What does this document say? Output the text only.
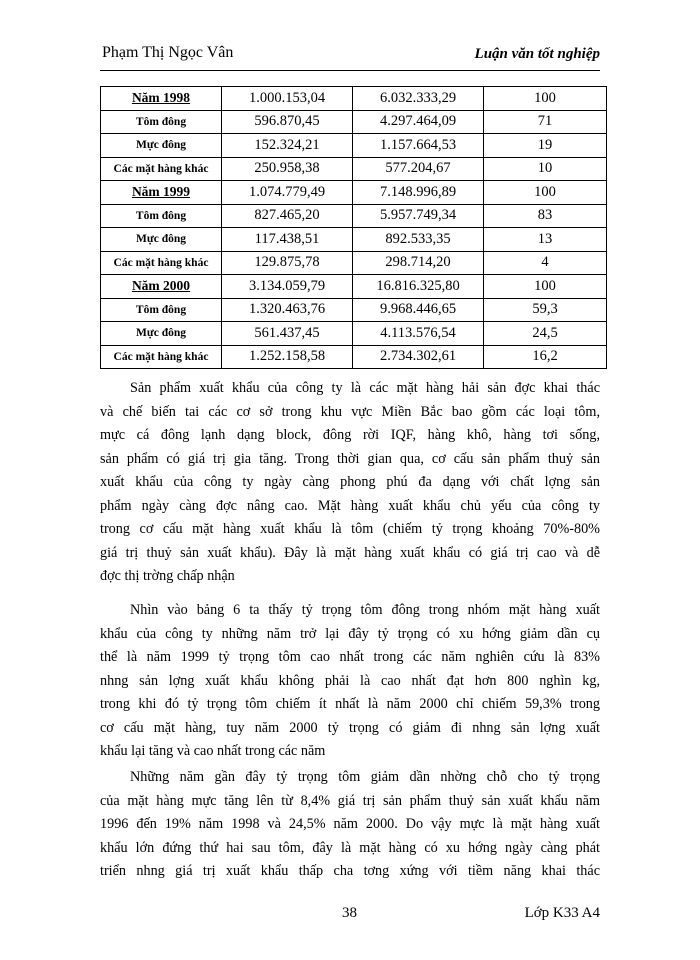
Phạm Thị Ngọc Vân	Luận văn tốt nghiệp
Năm 1998	1.000.153,04	6.032.333,29	100
Tôm đông	596.870,45	4.297.464,09	71
Mực đông	152.324,21	1.157.664,53	19
Các mặt hàng khác	250.958,38	577.204,67	10
Năm 1999	1.074.779,49	7.148.996,89	100
Tôm đông	827.465,20	5.957.749,34	83
Mực đông	117.438,51	892.533,35	13
Các mặt hàng khác	129.875,78	298.714,20	4
Năm 2000	3.134.059,79	16.816.325,80	100
Tôm đông	1.320.463,76	9.968.446,65	59,3
Mực đông	561.437,45	4.113.576,54	24,5
Các mặt hàng khác	1.252.158,58	2.734.302,61	16,2
Sản phẩm xuất khẩu của công ty là các mặt hàng hải sản đợc khai thác
và chế biến tai các cơ sở trong khu vực Miền Bắc bao gồm các loại tôm,
mực cá đông lạnh dạng block, đông rời IQF, hàng khô, hàng tơi sống,
sản phẩm có giá trị gia tăng. Trong thời gian qua, cơ cấu sản phẩm thuỷ sản
xuất khẩu của công ty ngày càng phong phú đa dạng với chất lợng sản
phẩm ngày càng đợc nâng cao. Mặt hàng xuất khẩu chủ yếu của công ty
trong cơ cấu mặt hàng xuất khẩu là tôm (chiếm tỷ trọng khoảng 70%-80%
giá trị thuỷ sản xuất khẩu). Đây là mặt hàng xuất khẩu có giá trị cao và dễ
đợc thị trờng chấp nhận
Nhìn vào bảng 6 ta thấy tỷ trọng tôm đông trong nhóm mặt hàng xuất
khẩu của công ty những năm trở lại đây tỷ trọng có xu hớng giảm dần cụ
thể là năm 1999 tỷ trọng tôm cao nhất trong các năm nghiên cứu là 83%
nhng sản lợng xuất khẩu không phải là cao nhất đạt hơn 800 nghìn kg,
trong khi đó tỷ trọng tôm chiếm ít nhất là năm 2000 chỉ chiếm 59,3% trong
cơ cấu mặt hàng, tuy năm 2000 tỷ trọng có giảm đi nhng sản lợng xuất
khẩu lại tăng và cao nhất trong các năm
Những năm gần đây tỷ trọng tôm giảm dần nhờng chỗ cho tỷ trọng
của mặt hàng mực tăng lên từ 8,4% giá trị sản phẩm thuỷ sản xuất khẩu năm
1996 đến 19% năm 1998 và 24,5% năm 2000. Do vậy mực là mặt hàng xuất
khẩu lớn đứng thứ hai sau tôm, đây là mặt hàng có xu hớng ngày càng phát
triển nhng giá trị xuất khẩu thấp cha tơng xứng với tiềm năng khai thác
38	Lớp K33 A4
